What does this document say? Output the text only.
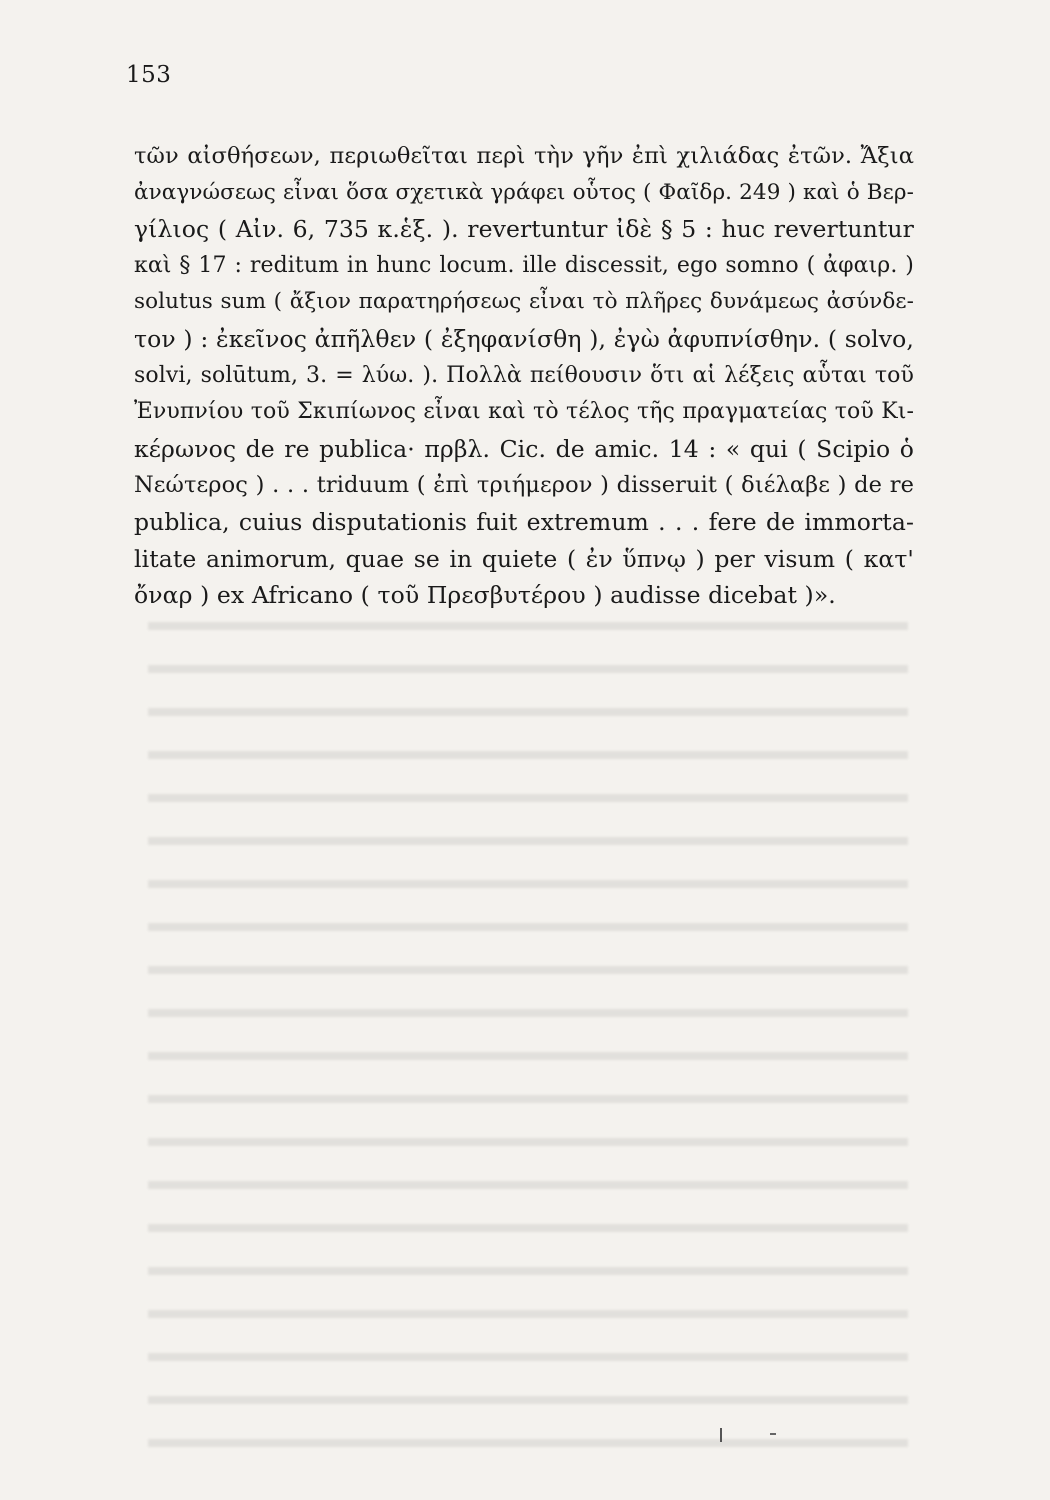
153
τῶν αἰσθήσεων, περιωθεῖται περὶ τὴν γῆν ἐπὶ χιλιάδας ἐτῶν. Ἄξια
ἀναγνώσεως εἶναι ὅσα σχετικὰ γράφει οὗτος ( Φαῖδρ. 249 ) καὶ ὁ Βερ-
γίλιος ( Αἰν. 6, 735 κ.ἑξ. ). revertuntur ἰδὲ § 5 : huc revertuntur
καὶ § 17 : reditum in hunc locum. ille discessit, ego somno ( ἀφαιρ. )
solutus sum ( ἄξιον παρατηρήσεως εἶναι τὸ πλῆρες δυνάμεως ἀσύνδε-
τον ) : ἐκεῖνος ἀπῆλθεν ( ἐξηφανίσθη ), ἐγὼ ἀφυπνίσθην. ( solvo,
solvi, solūtum, 3. = λύω. ). Πολλὰ πείθουσιν ὅτι αἱ λέξεις αὗται τοῦ
Ἐνυπνίου τοῦ Σκιπίωνος εἶναι καὶ τὸ τέλος τῆς πραγματείας τοῦ Κι-
κέρωνος de re publica· πρβλ. Cic. de amic. 14 : « qui ( Scipio ὁ
Νεώτερος ) . . . triduum ( ἐπὶ τριήμερον ) disseruit ( διέλαβε ) de re
publica, cuius disputationis fuit extremum . . . fere de immorta-
litate animorum, quae se in quiete ( ἐν ὕπνῳ ) per visum ( κατ'
ὄναρ ) ex Africano ( τοῦ Πρεσβυτέρου ) audisse dicebat )».
